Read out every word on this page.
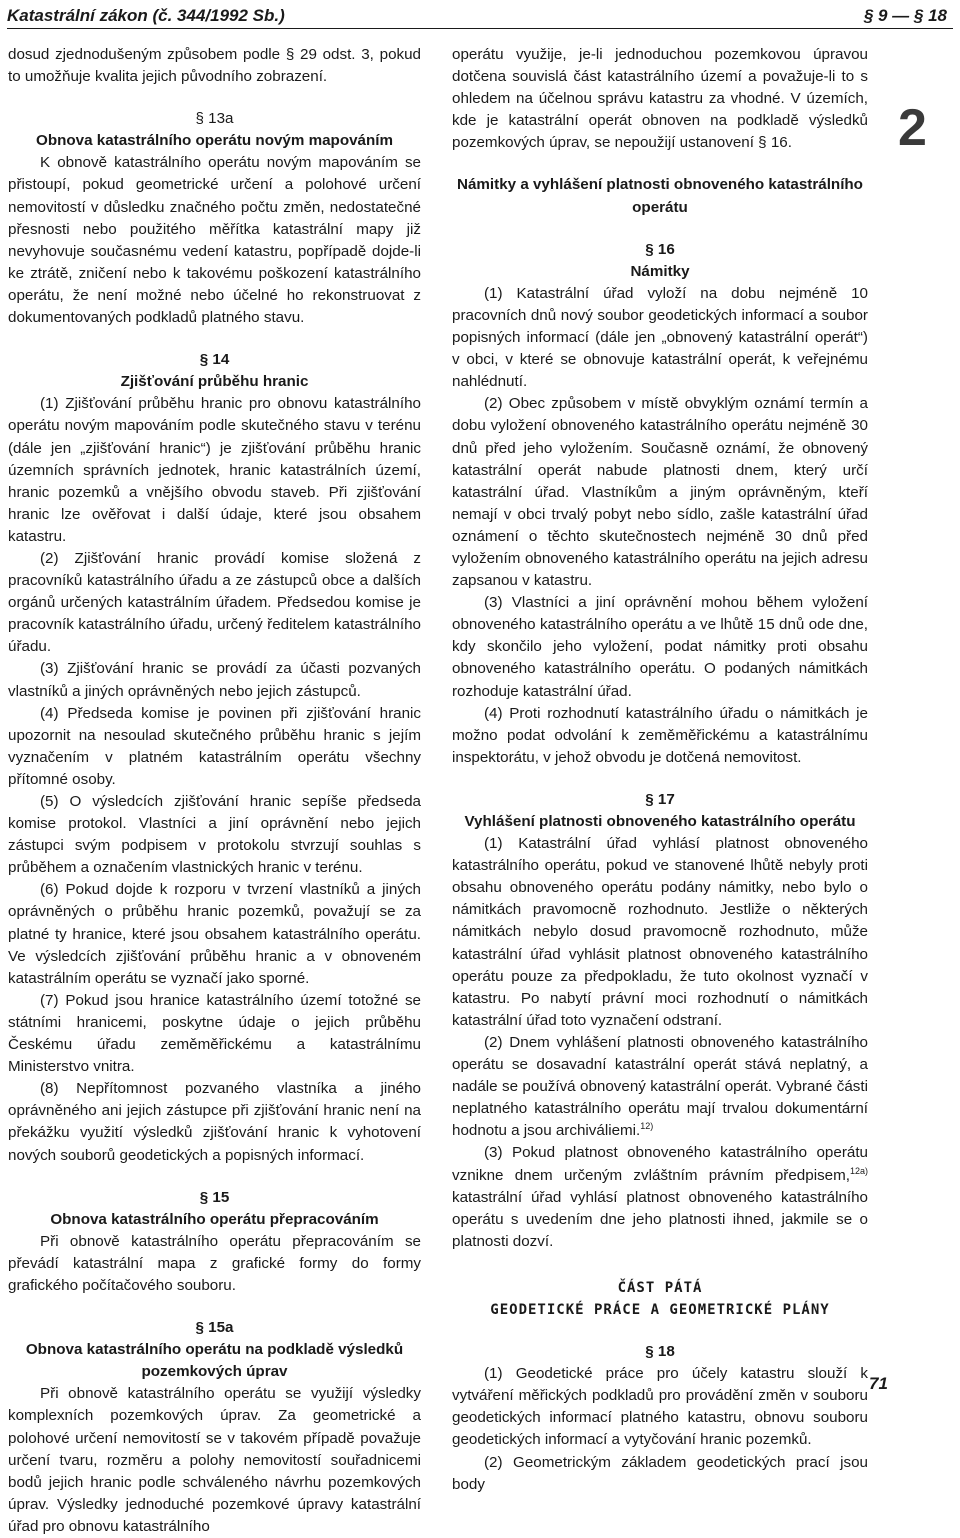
Katastrální zákon (č. 344/1992 Sb.)	§ 9 — § 18
2

dosud zjednodušeným způsobem podle § 29 odst. 3, pokud to umožňuje kvalita jejich původního zobrazení.

§ 13a
Obnova katastrálního operátu novým mapováním

K obnově katastrálního operátu novým mapováním se přistoupí, pokud geometrické určení a polohové určení nemovitostí v důsledku značného počtu změn, nedostatečné přesnosti nebo použitého měřítka katastrální mapy již nevyhovuje současnému vedení katastru, popřípadě dojde-li ke ztrátě, zničení nebo k takovému poškození katastrálního operátu, že není možné nebo účelné ho rekonstruovat z dokumentovaných podkladů platného stavu.

§ 14
Zjišťování průběhu hranic

(1) Zjišťování průběhu hranic pro obnovu katastrálního operátu novým mapováním podle skutečného stavu v terénu (dále jen „zjišťování hranic“) je zjišťování průběhu hranic územních správních jednotek, hranic katastrálních území, hranic pozemků a vnějšího obvodu staveb. Při zjišťování hranic lze ověřovat i další údaje, které jsou obsahem katastru.

(2) Zjišťování hranic provádí komise složená z pracovníků katastrálního úřadu a ze zástupců obce a dalších orgánů určených katastrálním úřadem. Předsedou komise je pracovník katastrálního úřadu, určený ředitelem katastrálního úřadu.

(3) Zjišťování hranic se provádí za účasti pozvaných vlastníků a jiných oprávněných nebo jejich zástupců.

(4) Předseda komise je povinen při zjišťování hranic upozornit na nesoulad skutečného průběhu hranic s jejím vyznačením v platném katastrálním operátu všechny přítomné osoby.

(5) O výsledcích zjišťování hranic sepíše předseda komise protokol. Vlastníci a jiní oprávnění nebo jejich zástupci svým podpisem v protokolu stvrzují souhlas s průběhem a označením vlastnických hranic v terénu.

(6) Pokud dojde k rozporu v tvrzení vlastníků a jiných oprávněných o průběhu hranic pozemků, považují se za platné ty hranice, které jsou obsahem katastrálního operátu. Ve výsledcích zjišťování průběhu hranic a v obnoveném katastrálním operátu se vyznačí jako sporné.

(7) Pokud jsou hranice katastrálního území totožné se státními hranicemi, poskytne údaje o jejich průběhu Českému úřadu zeměměřickému a katastrálnímu Ministerstvo vnitra.

(8) Nepřítomnost pozvaného vlastníka a jiného oprávněného ani jejich zástupce při zjišťování hranic není na překážku využití výsledků zjišťování hranic k vyhotovení nových souborů geodetických a popisných informací.

§ 15
Obnova katastrálního operátu přepracováním

Při obnově katastrálního operátu přepracováním se převádí katastrální mapa z grafické formy do formy grafického počítačového souboru.

§ 15a
Obnova katastrálního operátu na podkladě výsledků pozemkových úprav

Při obnově katastrálního operátu se využijí výsledky komplexních pozemkových úprav. Za geometrické a polohové určení nemovitostí se v takovém případě považuje určení tvaru, rozměru a polohy nemovitostí souřadnicemi bodů jejich hranic podle schváleného návrhu pozemkových úprav. Výsledky jednoduché pozemkové úpravy katastrální úřad pro obnovu katastrálního

operátu využije, je-li jednoduchou pozemkovou úpravou dotčena souvislá část katastrálního území a považuje-li to s ohledem na účelnou správu katastru za vhodné. V územích, kde je katastrální operát obnoven na podkladě výsledků pozemkových úprav, se nepoužijí ustanovení § 16.

Námitky a vyhlášení platnosti obnoveného katastrálního operátu
§ 16
Námitky

(1) Katastrální úřad vyloží na dobu nejméně 10 pracovních dnů nový soubor geodetických informací a soubor popisných informací (dále jen „obnovený katastrální operát“) v obci, v které se obnovuje katastrální operát, k veřejnému nahlédnutí.

(2) Obec způsobem v místě obvyklým oznámí termín a dobu vyložení obnoveného katastrálního operátu nejméně 30 dnů před jeho vyložením. Současně oznámí, že obnovený katastrální operát nabude platnosti dnem, který určí katastrální úřad. Vlastníkům a jiným oprávněným, kteří nemají v obci trvalý pobyt nebo sídlo, zašle katastrální úřad oznámení o těchto skutečnostech nejméně 30 dnů před vyložením obnoveného katastrálního operátu na jejich adresu zapsanou v katastru.

(3) Vlastníci a jiní oprávnění mohou během vyložení obnoveného katastrálního operátu a ve lhůtě 15 dnů ode dne, kdy skončilo jeho vyložení, podat námitky proti obsahu obnoveného katastrálního operátu. O podaných námitkách rozhoduje katastrální úřad.

(4) Proti rozhodnutí katastrálního úřadu o námitkách je možno podat odvolání k zeměměřickému a katastrálnímu inspektorátu, v jehož obvodu je dotčená nemovitost.

§ 17
Vyhlášení platnosti obnoveného katastrálního operátu

(1) Katastrální úřad vyhlásí platnost obnoveného katastrálního operátu, pokud ve stanovené lhůtě nebyly proti obsahu obnoveného operátu podány námitky, nebo bylo o námitkách pravomocně rozhodnuto. Jestliže o některých námitkách nebylo dosud pravomocně rozhodnuto, může katastrální úřad vyhlásit platnost obnoveného katastrálního operátu pouze za předpokladu, že tuto okolnost vyznačí v katastru. Po nabytí právní moci rozhodnutí o námitkách katastrální úřad toto vyznačení odstraní.

(2) Dnem vyhlášení platnosti obnoveného katastrálního operátu se dosavadní katastrální operát stává neplatný, a nadále se používá obnovený katastrální operát. Vybrané části neplatného katastrálního operátu mají trvalou dokumentární hodnotu a jsou archiváliemi.$^{12)}$

(3) Pokud platnost obnoveného katastrálního operátu vznikne dnem určeným zvláštním právním předpisem,$^{12a)}$ katastrální úřad vyhlásí platnost obnoveného katastrálního operátu s uvedením dne jeho platnosti ihned, jakmile se o platnosti dozví.

ČÁST PÁTÁ
GEODETICKÉ PRÁCE A GEOMETRICKÉ PLÁNY
§ 18

(1) Geodetické práce pro účely katastru slouží k vytváření měřických podkladů pro provádění změn v souboru geodetických informací platného katastru, obnovu souboru geodetických informací a vytyčování hranic pozemků.

(2) Geometrickým základem geodetických prací jsou body

71
